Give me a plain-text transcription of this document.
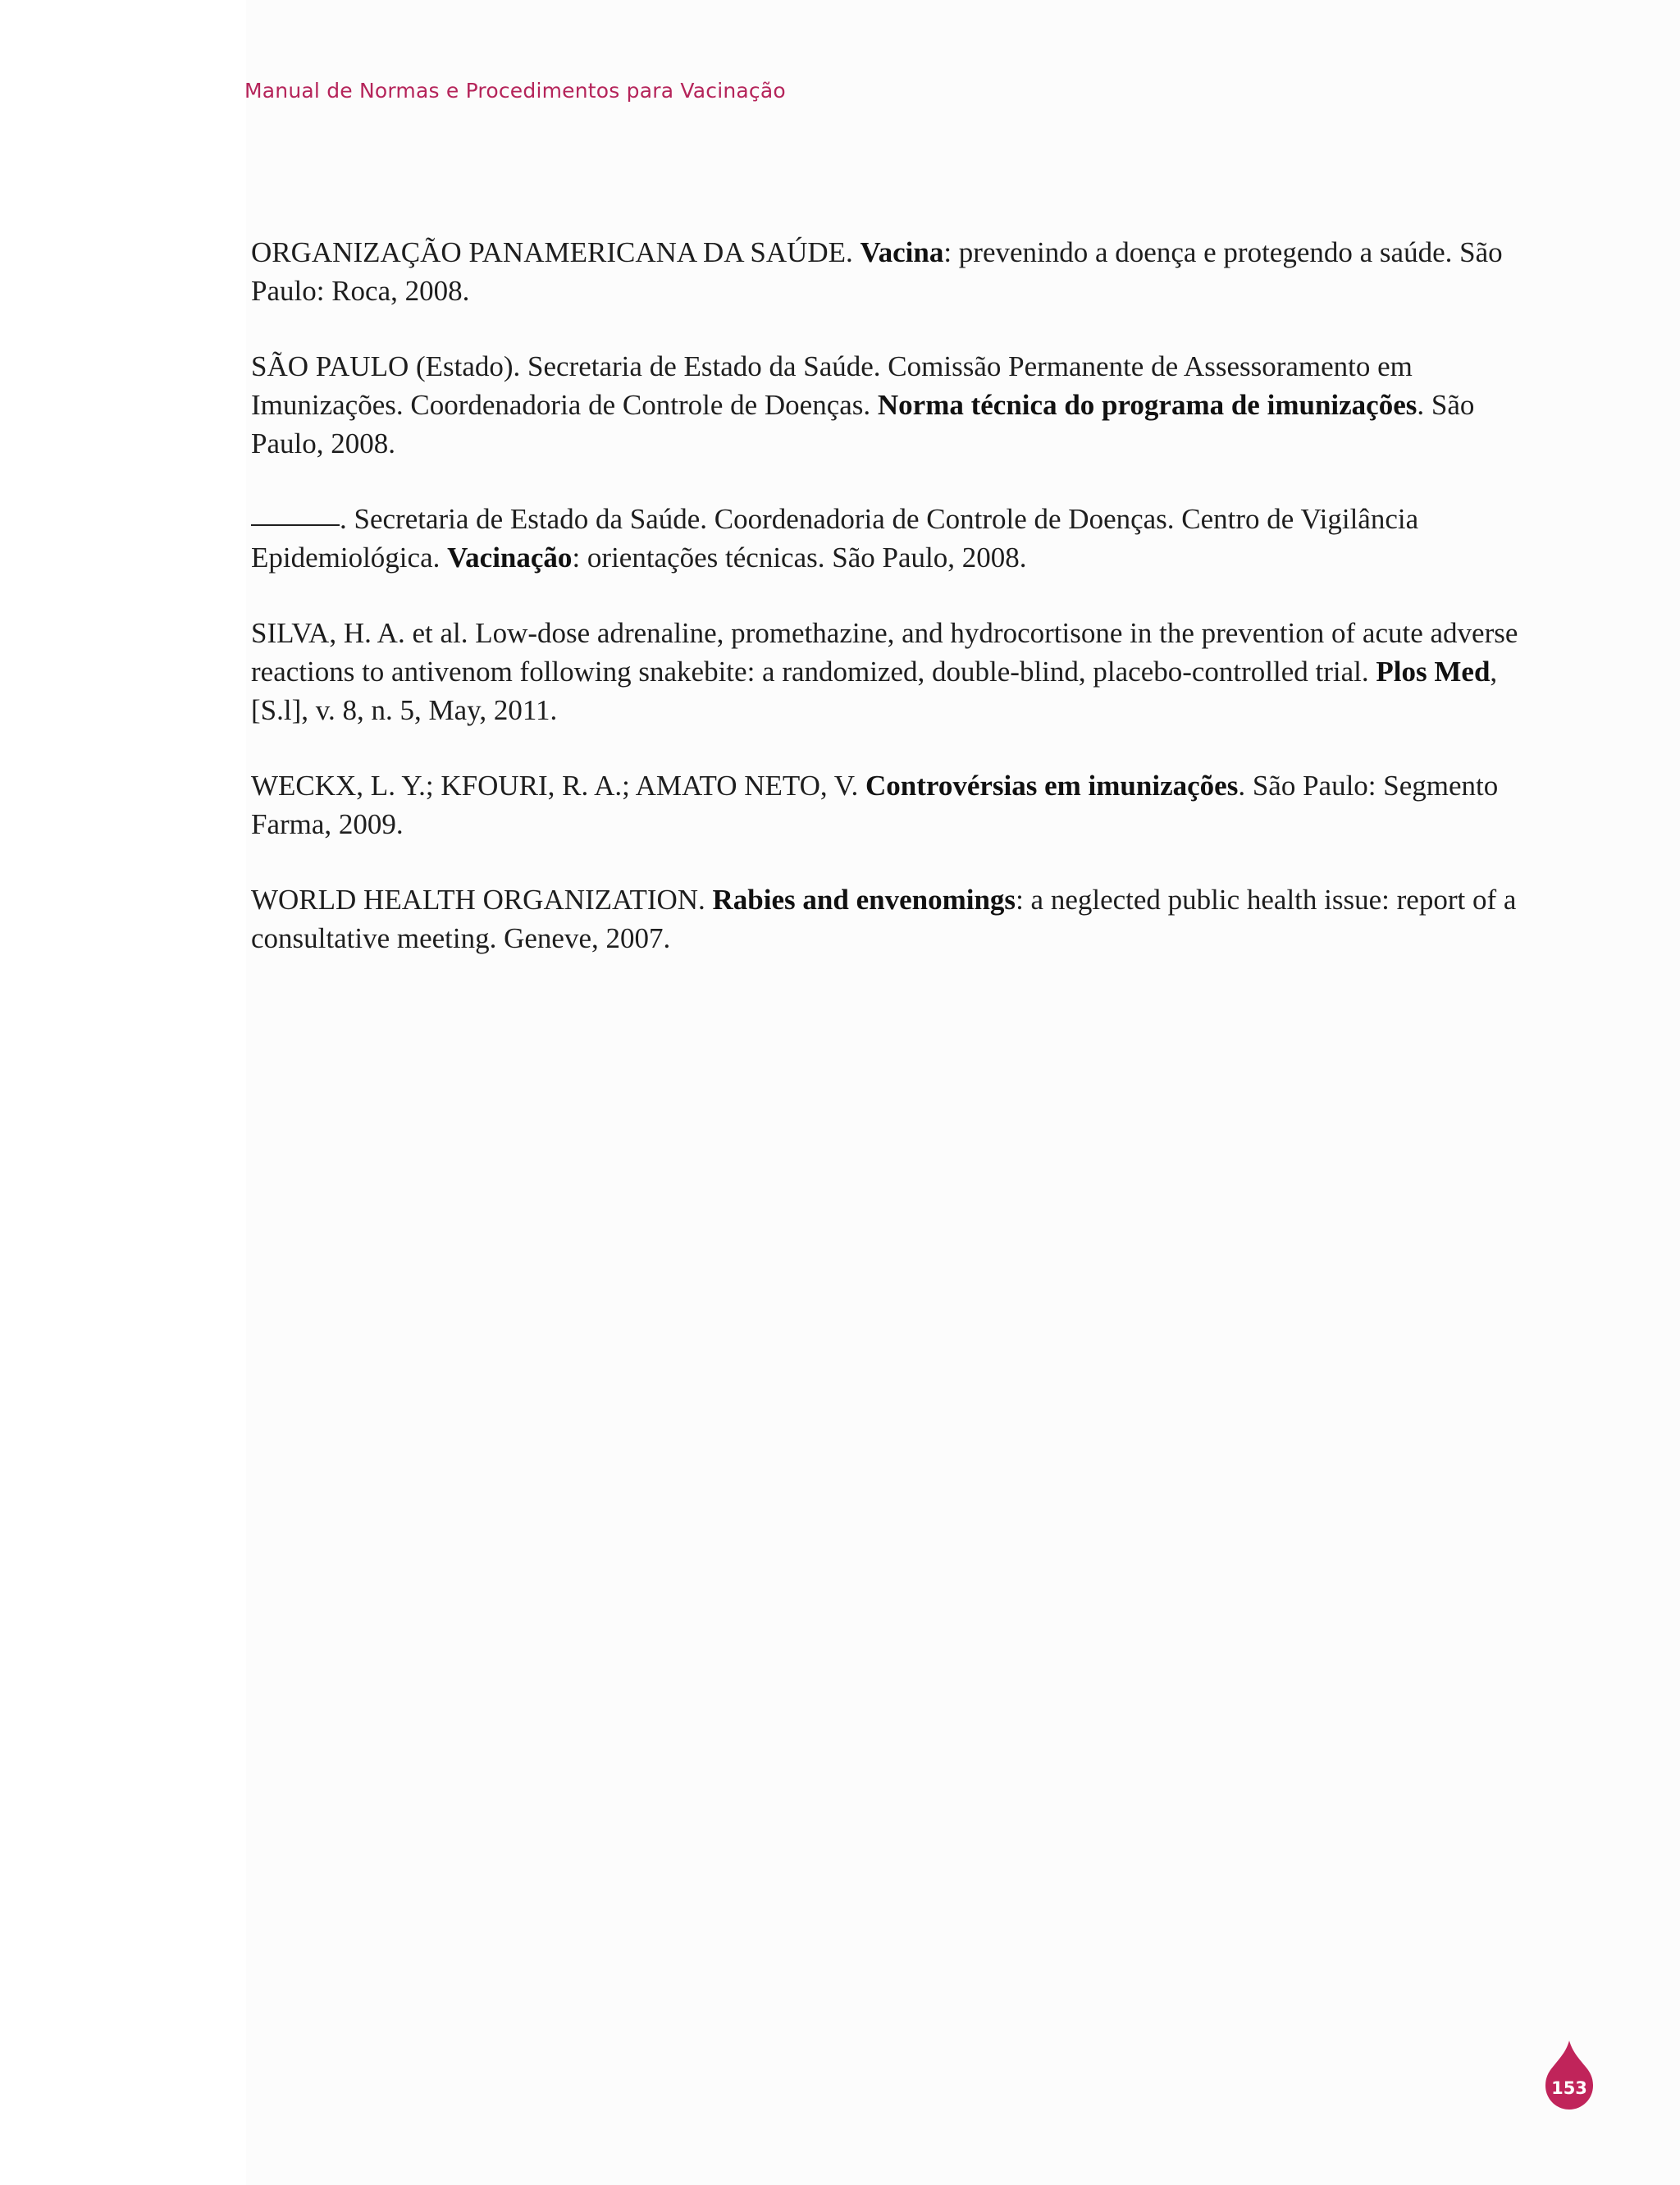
Manual de Normas e Procedimentos para Vacinação

ORGANIZAÇÃO PANAMERICANA DA SAÚDE. Vacina: prevenindo a doença e protegendo a saúde. São Paulo: Roca, 2008.

SÃO PAULO (Estado). Secretaria de Estado da Saúde. Comissão Permanente de Assessoramento em Imunizações. Coordenadoria de Controle de Doenças. Norma técnica do programa de imunizações. São Paulo, 2008.

. Secretaria de Estado da Saúde. Coordenadoria de Controle de Doenças. Centro de Vigilância Epidemiológica. Vacinação: orientações técnicas. São Paulo, 2008.

SILVA, H. A. et al. Low-dose adrenaline, promethazine, and hydrocortisone in the prevention of acute adverse reactions to antivenom following snakebite: a randomized, double-blind, placebo-controlled trial. Plos Med, [S.l], v. 8, n. 5, May, 2011.

WECKX, L. Y.; KFOURI, R. A.; AMATO NETO, V. Controvérsias em imunizações. São Paulo: Segmento Farma, 2009.

WORLD HEALTH ORGANIZATION. Rabies and envenomings: a neglected public health issue: report of a consultative meeting. Geneve, 2007.

153
